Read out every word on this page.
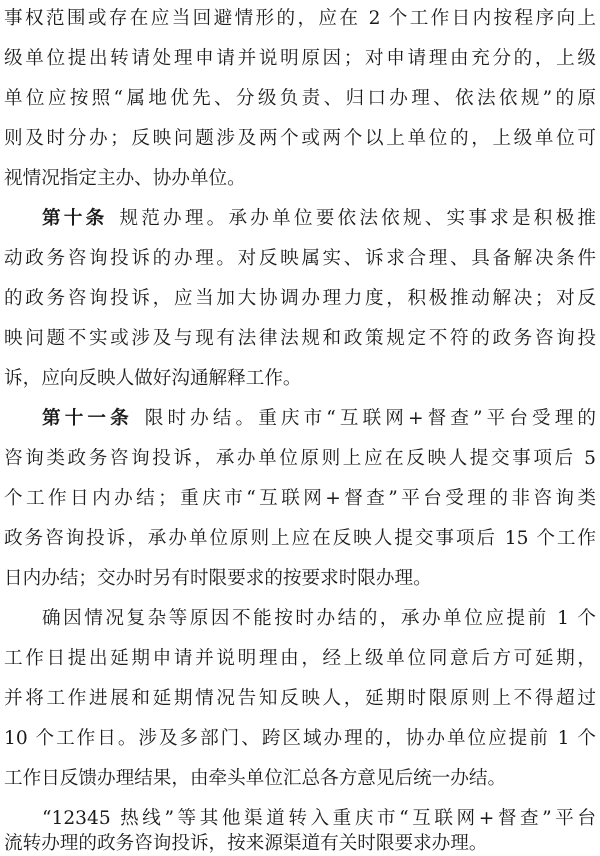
事权范围或存在应当回避情形的，应在 2 个工作日内按程序向上
级单位提出转请处理申请并说明原因；对申请理由充分的，上级
单位应按照“属地优先、分级负责、归口办理、依法依规”的原
则及时分办；反映问题涉及两个或两个以上单位的，上级单位可
视情况指定主办、协办单位。
第十条 规范办理。承办单位要依法依规、实事求是积极推
动政务咨询投诉的办理。对反映属实、诉求合理、具备解决条件
的政务咨询投诉，应当加大协调办理力度，积极推动解决；对反
映问题不实或涉及与现有法律法规和政策规定不符的政务咨询投
诉，应向反映人做好沟通解释工作。
第十一条 限时办结。重庆市“互联网+督查”平台受理的
咨询类政务咨询投诉，承办单位原则上应在反映人提交事项后 5
个工作日内办结；重庆市“互联网+督查”平台受理的非咨询类
政务咨询投诉，承办单位原则上应在反映人提交事项后 15 个工作
日内办结；交办时另有时限要求的按要求时限办理。
确因情况复杂等原因不能按时办结的，承办单位应提前 1 个
工作日提出延期申请并说明理由，经上级单位同意后方可延期，
并将工作进展和延期情况告知反映人，延期时限原则上不得超过
10 个工作日。涉及多部门、跨区域办理的，协办单位应提前 1 个
工作日反馈办理结果，由牵头单位汇总各方意见后统一办结。
“12345 热线”等其他渠道转入重庆市“互联网+督查”平台
流转办理的政务咨询投诉，按来源渠道有关时限要求办理。
